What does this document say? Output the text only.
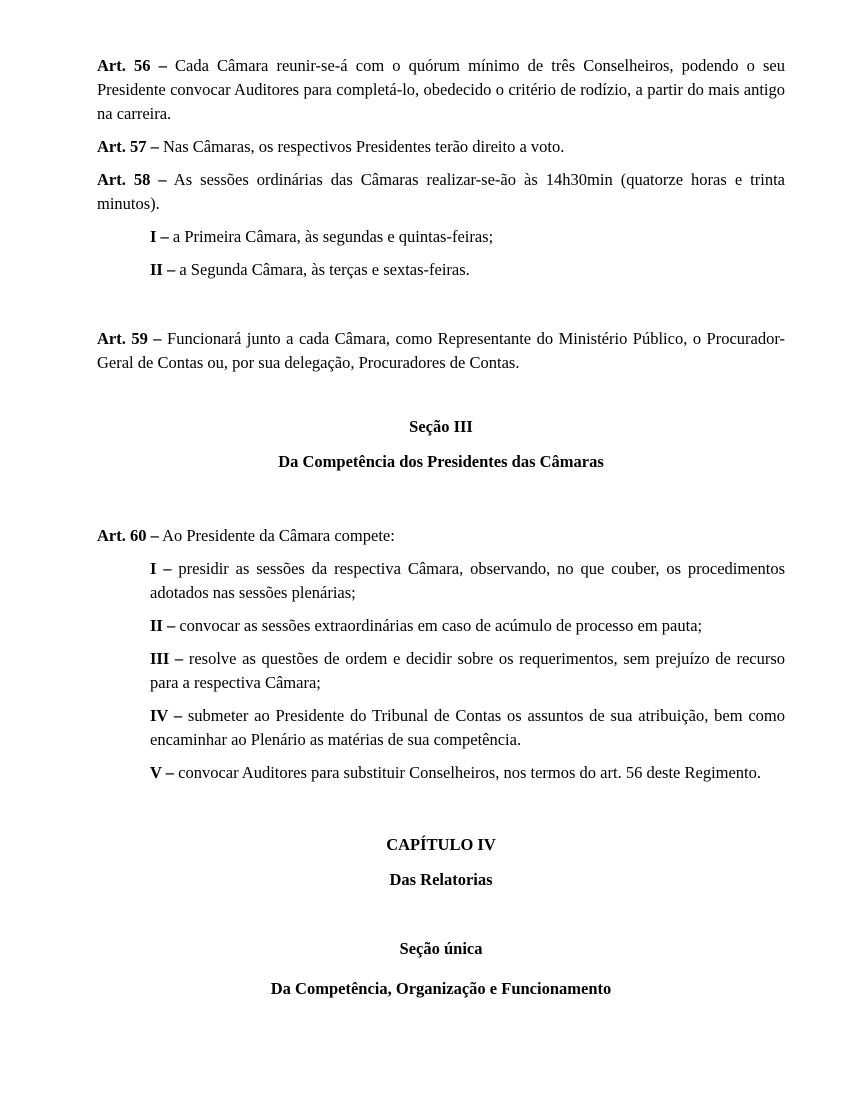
Art. 56 – Cada Câmara reunir-se-á com o quórum mínimo de três Conselheiros, podendo o seu Presidente convocar Auditores para completá-lo, obedecido o critério de rodízio, a partir do mais antigo na carreira.

Art. 57 – Nas Câmaras, os respectivos Presidentes terão direito a voto.

Art. 58 – As sessões ordinárias das Câmaras realizar-se-ão às 14h30min (quatorze horas e trinta minutos).

I – a Primeira Câmara, às segundas e quintas-feiras;

II – a Segunda Câmara, às terças e sextas-feiras.

Art. 59 – Funcionará junto a cada Câmara, como Representante do Ministério Público, o Procurador-Geral de Contas ou, por sua delegação, Procuradores de Contas.

Seção III

Da Competência dos Presidentes das Câmaras

Art. 60 – Ao Presidente da Câmara compete:

I – presidir as sessões da respectiva Câmara, observando, no que couber, os procedimentos adotados nas sessões plenárias;

II – convocar as sessões extraordinárias em caso de acúmulo de processo em pauta;

III – resolve as questões de ordem e decidir sobre os requerimentos, sem prejuízo de recurso para a respectiva Câmara;

IV – submeter ao Presidente do Tribunal de Contas os assuntos de sua atribuição, bem como encaminhar ao Plenário as matérias de sua competência.

V – convocar Auditores para substituir Conselheiros, nos termos do art. 56 deste Regimento.

CAPÍTULO IV

Das Relatorias

Seção única

Da Competência, Organização e Funcionamento
